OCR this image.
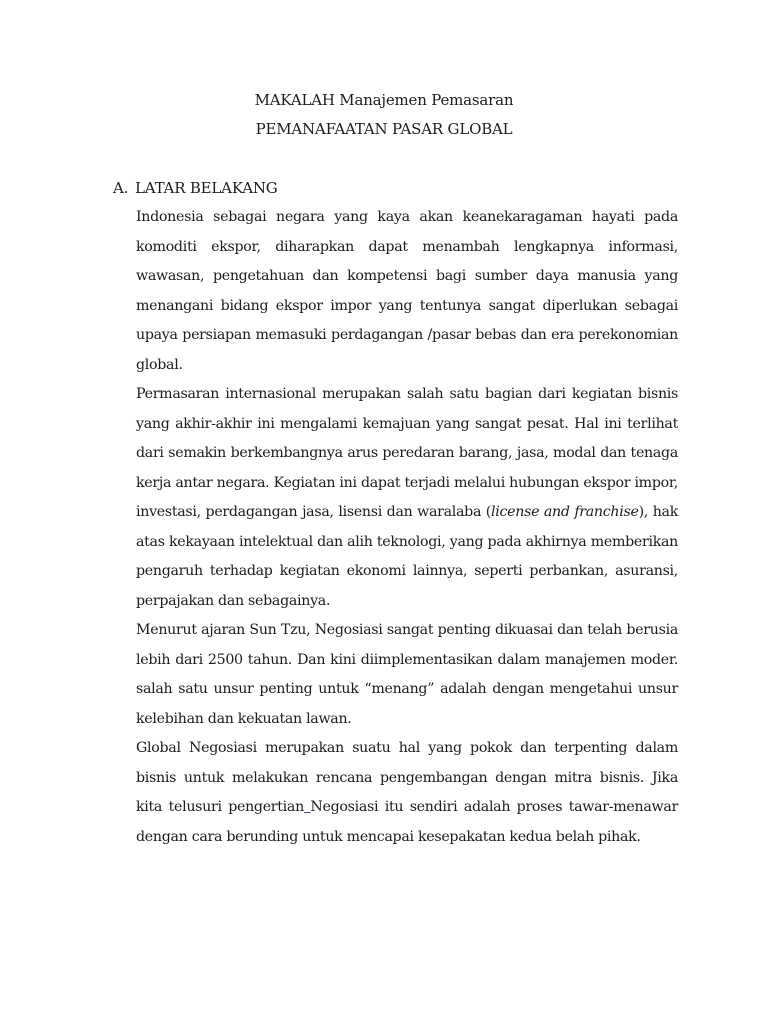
MAKALAH Manajemen Pemasaran
PEMANAFAATAN PASAR GLOBAL
A. LATAR BELAKANG

Indonesia sebagai negara yang kaya akan keanekaragaman hayati pada komoditi ekspor, diharapkan dapat menambah lengkapnya informasi, wawasan, pengetahuan dan kompetensi bagi sumber daya manusia yang menangani bidang ekspor impor yang tentunya sangat diperlukan sebagai upaya persiapan memasuki perdagangan /pasar bebas dan era perekonomian global.

Permasaran internasional merupakan salah satu bagian dari kegiatan bisnis yang akhir-akhir ini mengalami kemajuan yang sangat pesat. Hal ini terlihat dari semakin berkembangnya arus peredaran barang, jasa, modal dan tenaga kerja antar negara. Kegiatan ini dapat terjadi melalui hubungan ekspor impor, investasi, perdagangan jasa, lisensi dan waralaba (license and franchise), hak atas kekayaan intelektual dan alih teknologi, yang pada akhirnya memberikan pengaruh terhadap kegiatan ekonomi lainnya, seperti perbankan, asuransi, perpajakan dan sebagainya.

Menurut ajaran Sun Tzu, Negosiasi sangat penting dikuasai dan telah berusia lebih dari 2500 tahun. Dan kini diimplementasikan dalam manajemen moder. salah satu unsur penting untuk “menang” adalah dengan mengetahui unsur kelebihan dan kekuatan lawan.

Global Negosiasi merupakan suatu hal yang pokok dan terpenting dalam bisnis untuk melakukan rencana pengembangan dengan mitra bisnis. Jika kita telusuri pengertian Negosiasi itu sendiri adalah proses tawar-menawar dengan cara berunding untuk mencapai kesepakatan kedua belah pihak.
